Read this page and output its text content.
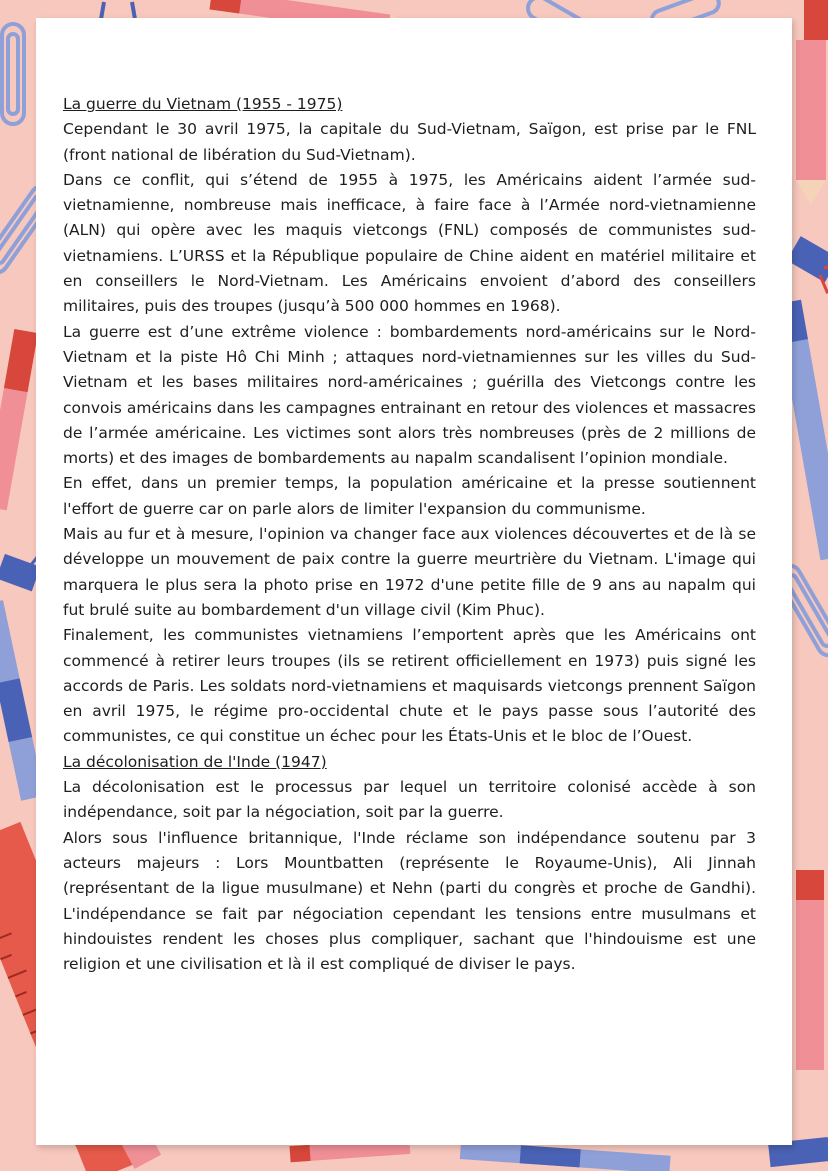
La guerre du Vietnam (1955 - 1975)

Cependant le 30 avril 1975, la capitale du Sud-Vietnam, Saïgon, est prise par le FNL (front national de libération du Sud-Vietnam).

Dans ce conflit, qui s’étend de 1955 à 1975, les Américains aident l’armée sud-vietnamienne, nombreuse mais inefficace, à faire face à l’Armée nord-vietnamienne (ALN) qui opère avec les maquis vietcongs (FNL) composés de communistes sud-vietnamiens. L’URSS et la République populaire de Chine aident en matériel militaire et en conseillers le Nord-Vietnam. Les Américains envoient d’abord des conseillers militaires, puis des troupes (jusqu’à 500 000 hommes en 1968).

La guerre est d’une extrême violence : bombardements nord-américains sur le Nord-Vietnam et la piste Hô Chi Minh ; attaques nord-vietnamiennes sur les villes du Sud-Vietnam et les bases militaires nord-américaines ; guérilla des Vietcongs contre les convois américains dans les campagnes entrainant en retour des violences et massacres de l’armée américaine. Les victimes sont alors très nombreuses (près de 2 millions de morts) et des images de bombardements au napalm scandalisent l’opinion mondiale.

En effet, dans un premier temps, la population américaine et la presse soutiennent l'effort de guerre car on parle alors de limiter l'expansion du communisme.

Mais au fur et à mesure, l'opinion va changer face aux violences découvertes et de là se développe un mouvement de paix contre la guerre meurtrière du Vietnam. L'image qui marquera le plus sera la photo prise en 1972 d'une petite fille de 9 ans au napalm qui fut brulé suite au bombardement d'un village civil (Kim Phuc).

Finalement, les communistes vietnamiens l’emportent après que les Américains ont commencé à retirer leurs troupes (ils se retirent officiellement en 1973) puis signé les accords de Paris. Les soldats nord-vietnamiens et maquisards vietcongs prennent Saïgon en avril 1975, le régime pro-occidental chute et le pays passe sous l’autorité des communistes, ce qui constitue un échec pour les États-Unis et le bloc de l’Ouest.

La décolonisation de l'Inde (1947)

La décolonisation est le processus par lequel un territoire colonisé accède à son indépendance, soit par la négociation, soit par la guerre.

Alors sous l'influence britannique, l'Inde réclame son indépendance soutenu par 3 acteurs majeurs : Lors Mountbatten (représente le Royaume-Unis), Ali Jinnah (représentant de la ligue musulmane) et Nehn (parti du congrès et proche de Gandhi). L'indépendance se fait par négociation cependant les tensions entre musulmans et hindouistes rendent les choses plus compliquer, sachant que l'hindouisme est une religion et une civilisation et là il est compliqué de diviser le pays.
